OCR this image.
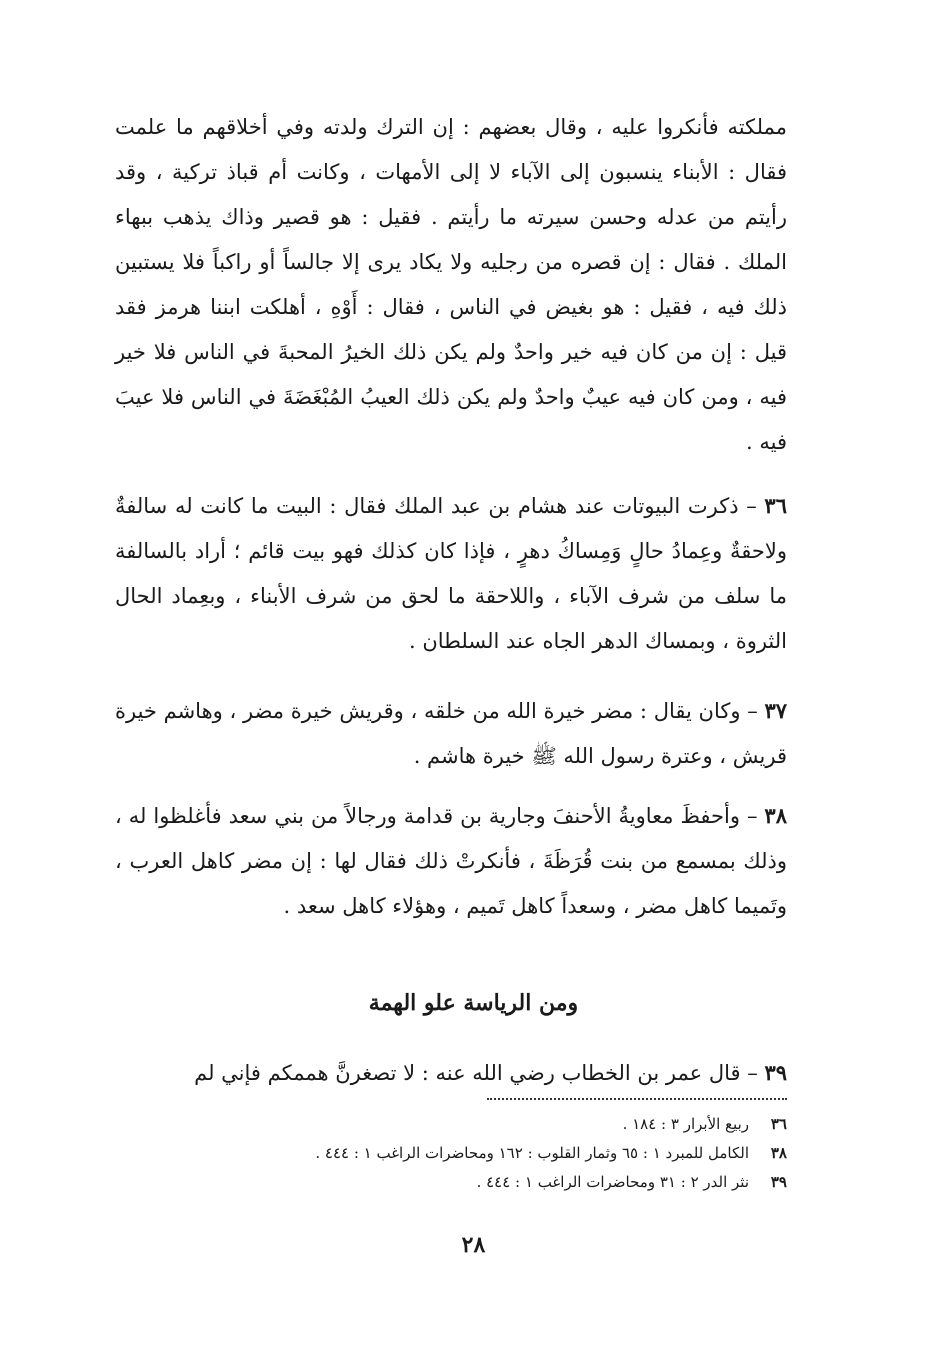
مملكته فأنكروا عليه ، وقال بعضهم : إن الترك ولدته وفي أخلاقهم ما علمت فقال : الأبناء ينسبون إلى الآباء لا إلى الأمهات ، وكانت أم قباذ تركية ، وقد رأيتم من عدله وحسن سيرته ما رأيتم . فقيل : هو قصير وذاك يذهب ببهاء الملك . فقال : إن قصره من رجليه ولا يكاد يرى إلا جالساً أو راكباً فلا يستبين ذلك فيه ، فقيل : هو بغيض في الناس ، فقال : أَوْهِ ، أهلكت ابننا هرمز فقد قيل : إن من كان فيه خير واحدٌ ولم يكن ذلك الخيرُ المحبةَ في الناس فلا خير فيه ، ومن كان فيه عيبٌ واحدٌ ولم يكن ذلك العيبُ المُبْغَضَةَ في الناس فلا عيبَ فيه .

٣٦ – ذكرت البيوتات عند هشام بن عبد الملك فقال : البيت ما كانت له سالفةٌ ولاحقةٌ وعِمادُ حالٍ وَمِساكُ دهرٍ ، فإذا كان كذلك فهو بيت قائم ؛ أراد بالسالفة ما سلف من شرف الآباء ، واللاحقة ما لحق من شرف الأبناء ، وبعِماد الحال الثروة ، وبمساك الدهر الجاه عند السلطان .

٣٧ – وكان يقال : مضر خيرة الله من خلقه ، وقريش خيرة مضر ، وهاشم خيرة قريش ، وعترة رسول الله ﷺ خيرة هاشم .

٣٨ – وأحفظَ معاويةُ الأحنفَ وجارية بن قدامة ورجالاً من بني سعد فأغلظوا له ، وذلك بمسمع من بنت قُرَظَةَ ، فأنكرتْ ذلك فقال لها : إن مضر كاهل العرب ، وتَميما كاهل مضر ، وسعداً كاهل تَميم ، وهؤلاء كاهل سعد .

ومن الرياسة علو الهمة

٣٩ – قال عمر بن الخطاب رضي الله عنه : لا تصغرنَّ هممكم فإني لم

٣٦ربيع الأبرار ٣ : ١٨٤ .
٣٨الكامل للمبرد ١ : ٦٥ وثمار القلوب : ١٦٢ ومحاضرات الراغب ١ : ٤٤٤ .
٣٩نثر الدر ٢ : ٣١ ومحاضرات الراغب ١ : ٤٤٤ .
٢٨
